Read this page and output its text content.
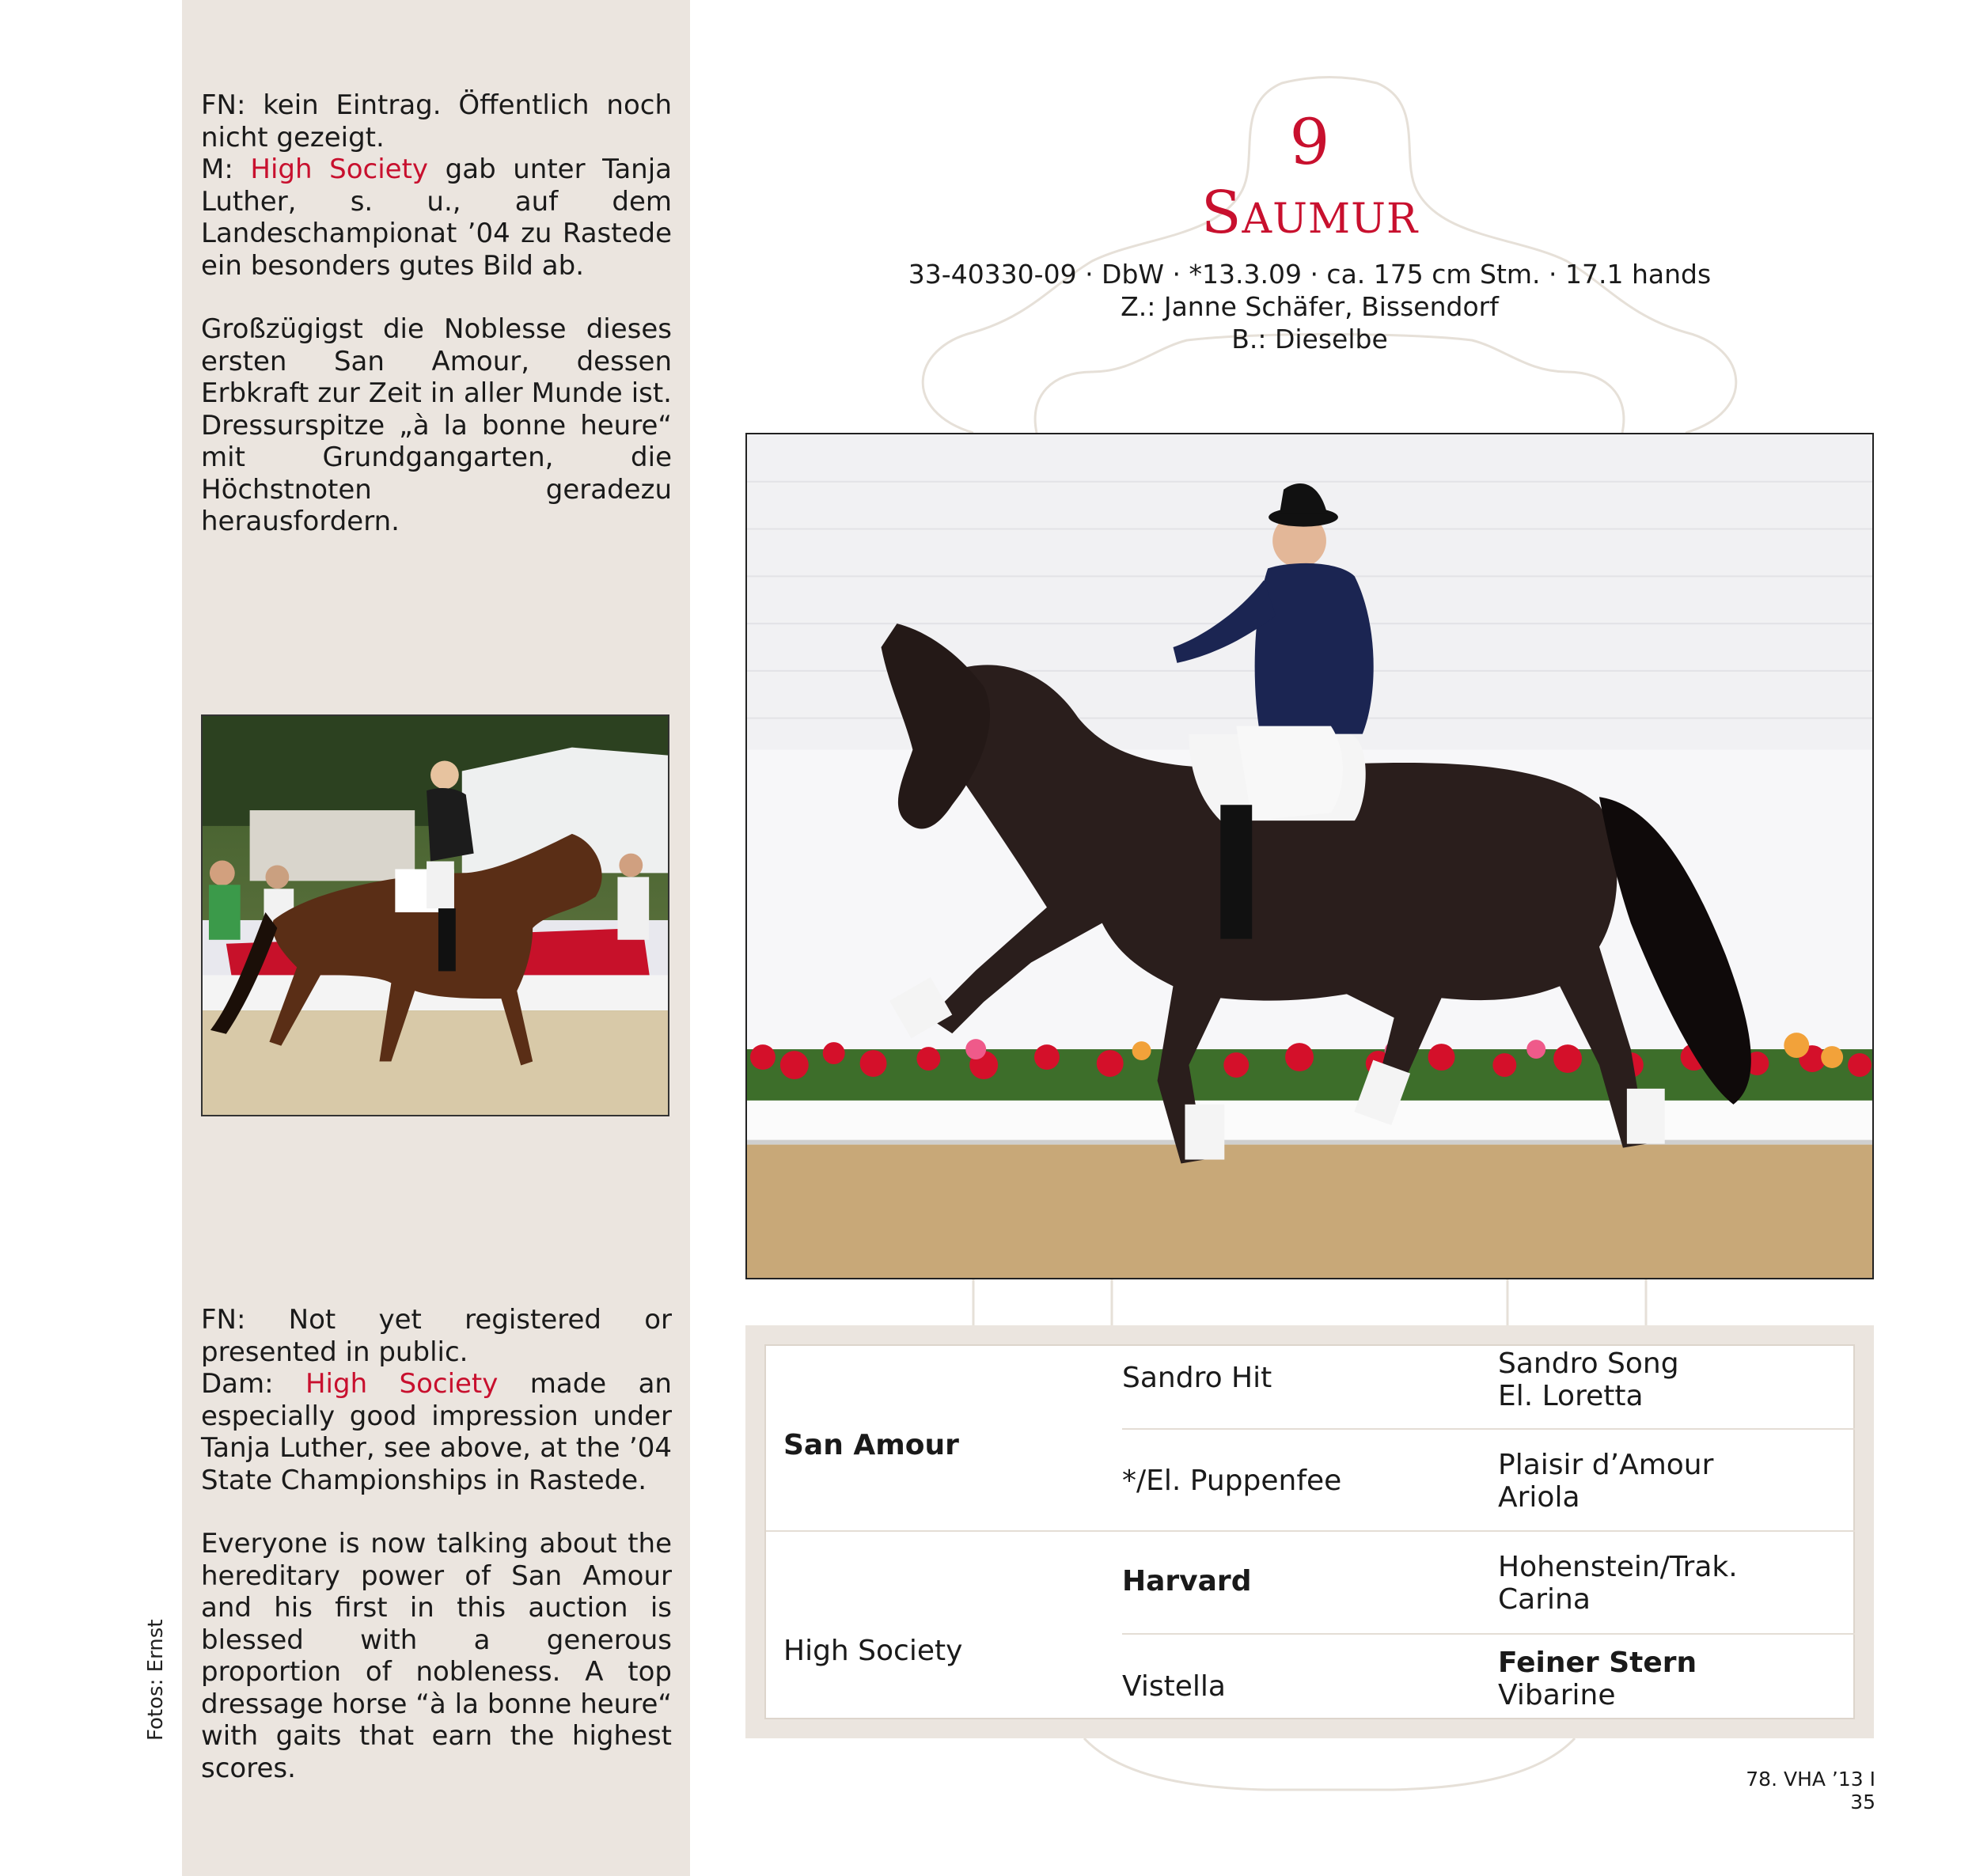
Fotos: Ernst

FN: kein Eintrag. Öffentlich noch nicht gezeigt.
M: High Society gab unter Tanja Luther, s. u., auf dem Landeschampionat ’04 zu Rastede ein besonders gutes Bild ab.

Großzügigst die Noblesse dieses ersten San Amour, dessen Erbkraft zur Zeit in aller Munde ist. Dressurspitze „à la bonne heure“ mit Grundgangarten, die Höchstnoten geradezu herausfordern.

FN: Not yet registered or presented in public.
Dam: High Society made an especially good impression under Tanja Luther, see above, at the ’04 State Championships in Rastede.

Everyone is now talking about the hereditary power of San Amour and his first in this auction is blessed with a generous proportion of nobleness. A top dressage horse “à la bonne heure“ with gaits that earn the highest scores.

9
Saumur
33-40330-09 · DbW · *13.3.09 · ca. 175 cm Stm. · 17.1 hands
Z.: Janne Schäfer, Bissendorf
B.: Dieselbe
San Amour
High Society
Sandro Hit
*/El. Puppenfee
Harvard
Vistella
Sandro Song
El. Loretta
Plaisir d’Amour
Ariola
Hohenstein/Trak.
Carina
Feiner Stern
Vibarine
78. VHA ’13 I 35
